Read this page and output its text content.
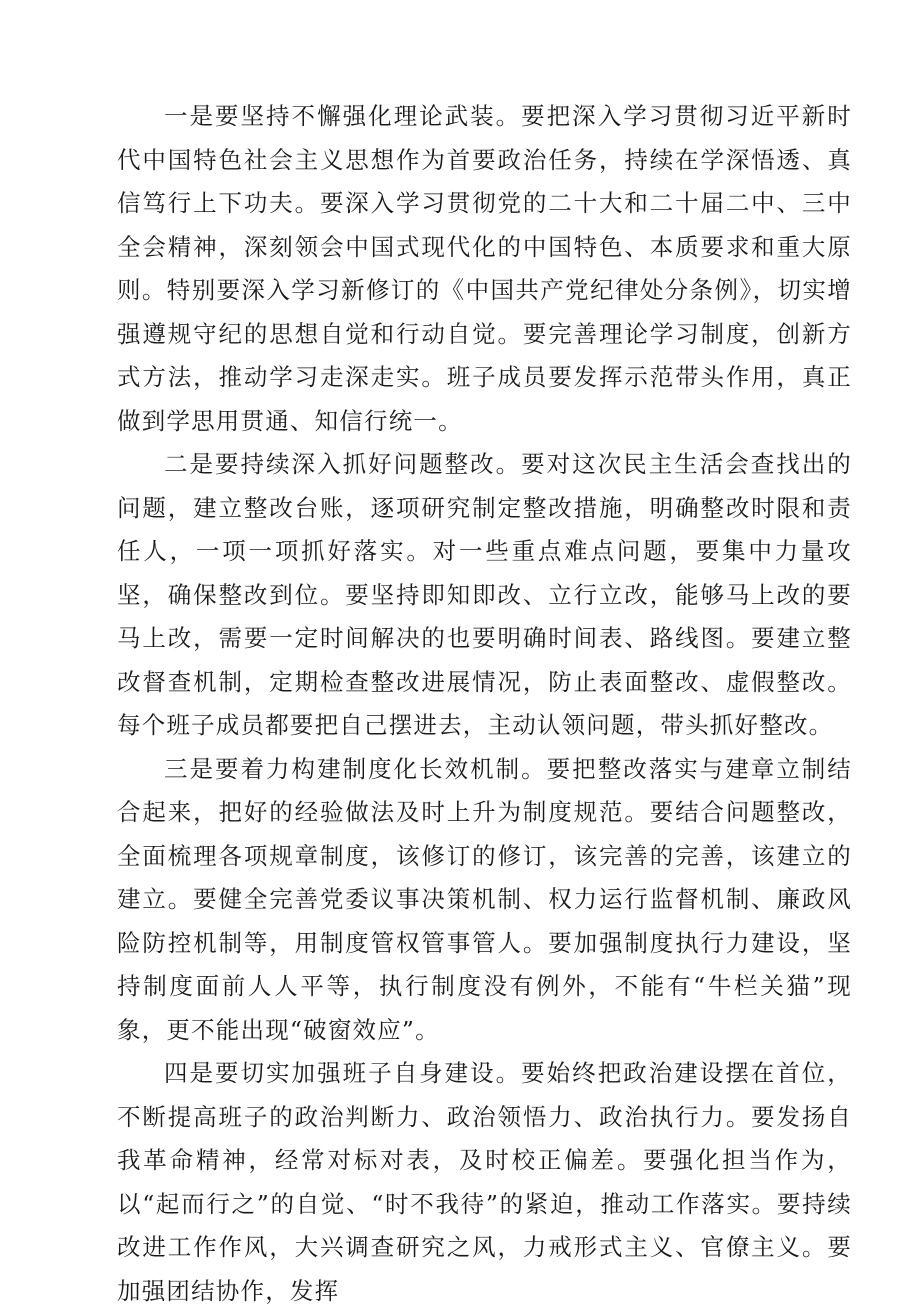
一是要坚持不懈强化理论武装。要把深入学习贯彻习近平新时代中国特色社会主义思想作为首要政治任务，持续在学深悟透、真信笃行上下功夫。要深入学习贯彻党的二十大和二十届二中、三中全会精神，深刻领会中国式现代化的中国特色、本质要求和重大原则。特别要深入学习新修订的《中国共产党纪律处分条例》，切实增强遵规守纪的思想自觉和行动自觉。要完善理论学习制度，创新方式方法，推动学习走深走实。班子成员要发挥示范带头作用，真正做到学思用贯通、知信行统一。

二是要持续深入抓好问题整改。要对这次民主生活会查找出的问题，建立整改台账，逐项研究制定整改措施，明确整改时限和责任人，一项一项抓好落实。对一些重点难点问题，要集中力量攻坚，确保整改到位。要坚持即知即改、立行立改，能够马上改的要马上改，需要一定时间解决的也要明确时间表、路线图。要建立整改督查机制，定期检查整改进展情况，防止表面整改、虚假整改。每个班子成员都要把自己摆进去，主动认领问题，带头抓好整改。

三是要着力构建制度化长效机制。要把整改落实与建章立制结合起来，把好的经验做法及时上升为制度规范。要结合问题整改，全面梳理各项规章制度，该修订的修订，该完善的完善，该建立的建立。要健全完善党委议事决策机制、权力运行监督机制、廉政风险防控机制等，用制度管权管事管人。要加强制度执行力建设，坚持制度面前人人平等，执行制度没有例外，不能有“牛栏关猫”现象，更不能出现“破窗效应”。

四是要切实加强班子自身建设。要始终把政治建设摆在首位，不断提高班子的政治判断力、政治领悟力、政治执行力。要发扬自我革命精神，经常对标对表，及时校正偏差。要强化担当作为，以“起而行之”的自觉、“时不我待”的紧迫，推动工作落实。要持续改进工作作风，大兴调查研究之风，力戒形式主义、官僚主义。要加强团结协作，发挥
